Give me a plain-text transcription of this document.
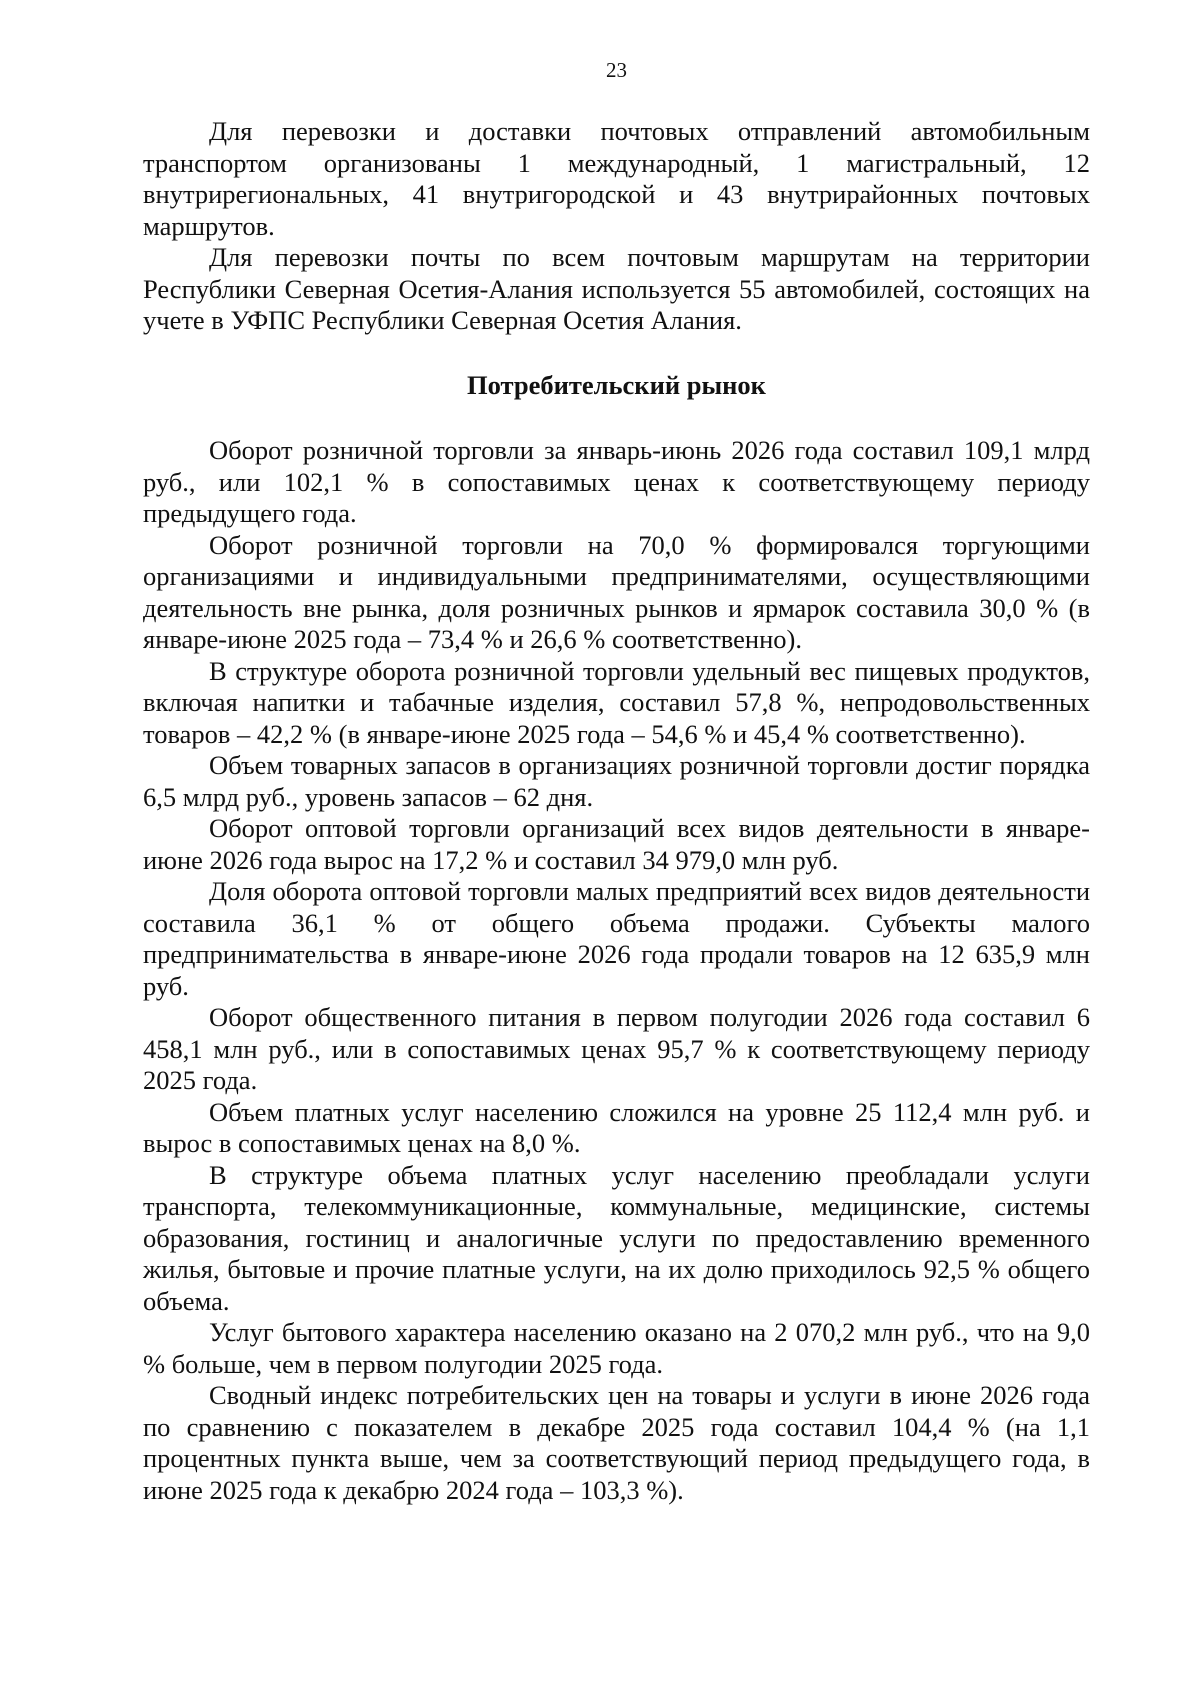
23

Для перевозки и доставки почтовых отправлений автомобильным транспортом организованы 1 международный, 1 магистральный, 12 внутрирегиональных, 41 внутригородской и 43 внутрирайонных почтовых маршрутов.

Для перевозки почты по всем почтовым маршрутам на территории Республики Северная Осетия-Алания используется 55 автомобилей, состоящих на учете в УФПС Республики Северная Осетия Алания.

Потребительский рынок

Оборот розничной торговли за январь-июнь 2026 года составил 109,1 млрд руб., или 102,1 % в сопоставимых ценах к соответствующему периоду предыдущего года.

Оборот розничной торговли на 70,0 % формировался торгующими организациями и индивидуальными предпринимателями, осуществляющими деятельность вне рынка, доля розничных рынков и ярмарок составила 30,0 % (в январе-июне 2025 года – 73,4 % и 26,6 % соответственно).

В структуре оборота розничной торговли удельный вес пищевых продуктов, включая напитки и табачные изделия, составил 57,8 %, непродовольственных товаров – 42,2 % (в январе-июне 2025 года – 54,6 % и 45,4 % соответственно).

Объем товарных запасов в организациях розничной торговли достиг порядка 6,5 млрд руб., уровень запасов – 62 дня.

Оборот оптовой торговли организаций всех видов деятельности в январе-июне 2026 года вырос на 17,2 % и составил 34 979,0 млн руб.

Доля оборота оптовой торговли малых предприятий всех видов деятельности составила 36,1 % от общего объема продажи. Субъекты малого предпринимательства в январе-июне 2026 года продали товаров на 12 635,9 млн руб.

Оборот общественного питания в первом полугодии 2026 года составил 6 458,1 млн руб., или в сопоставимых ценах 95,7 % к соответствующему периоду 2025 года.

Объем платных услуг населению сложился на уровне 25 112,4 млн руб. и вырос в сопоставимых ценах на 8,0 %.

В структуре объема платных услуг населению преобладали услуги транспорта, телекоммуникационные, коммунальные, медицинские, системы образования, гостиниц и аналогичные услуги по предоставлению временного жилья, бытовые и прочие платные услуги, на их долю приходилось 92,5 % общего объема.

Услуг бытового характера населению оказано на 2 070,2 млн руб., что на 9,0 % больше, чем в первом полугодии 2025 года.

Сводный индекс потребительских цен на товары и услуги в июне 2026 года по сравнению с показателем в декабре 2025 года составил 104,4 % (на 1,1 процентных пункта выше, чем за соответствующий период предыдущего года, в июне 2025 года к декабрю 2024 года – 103,3 %).
